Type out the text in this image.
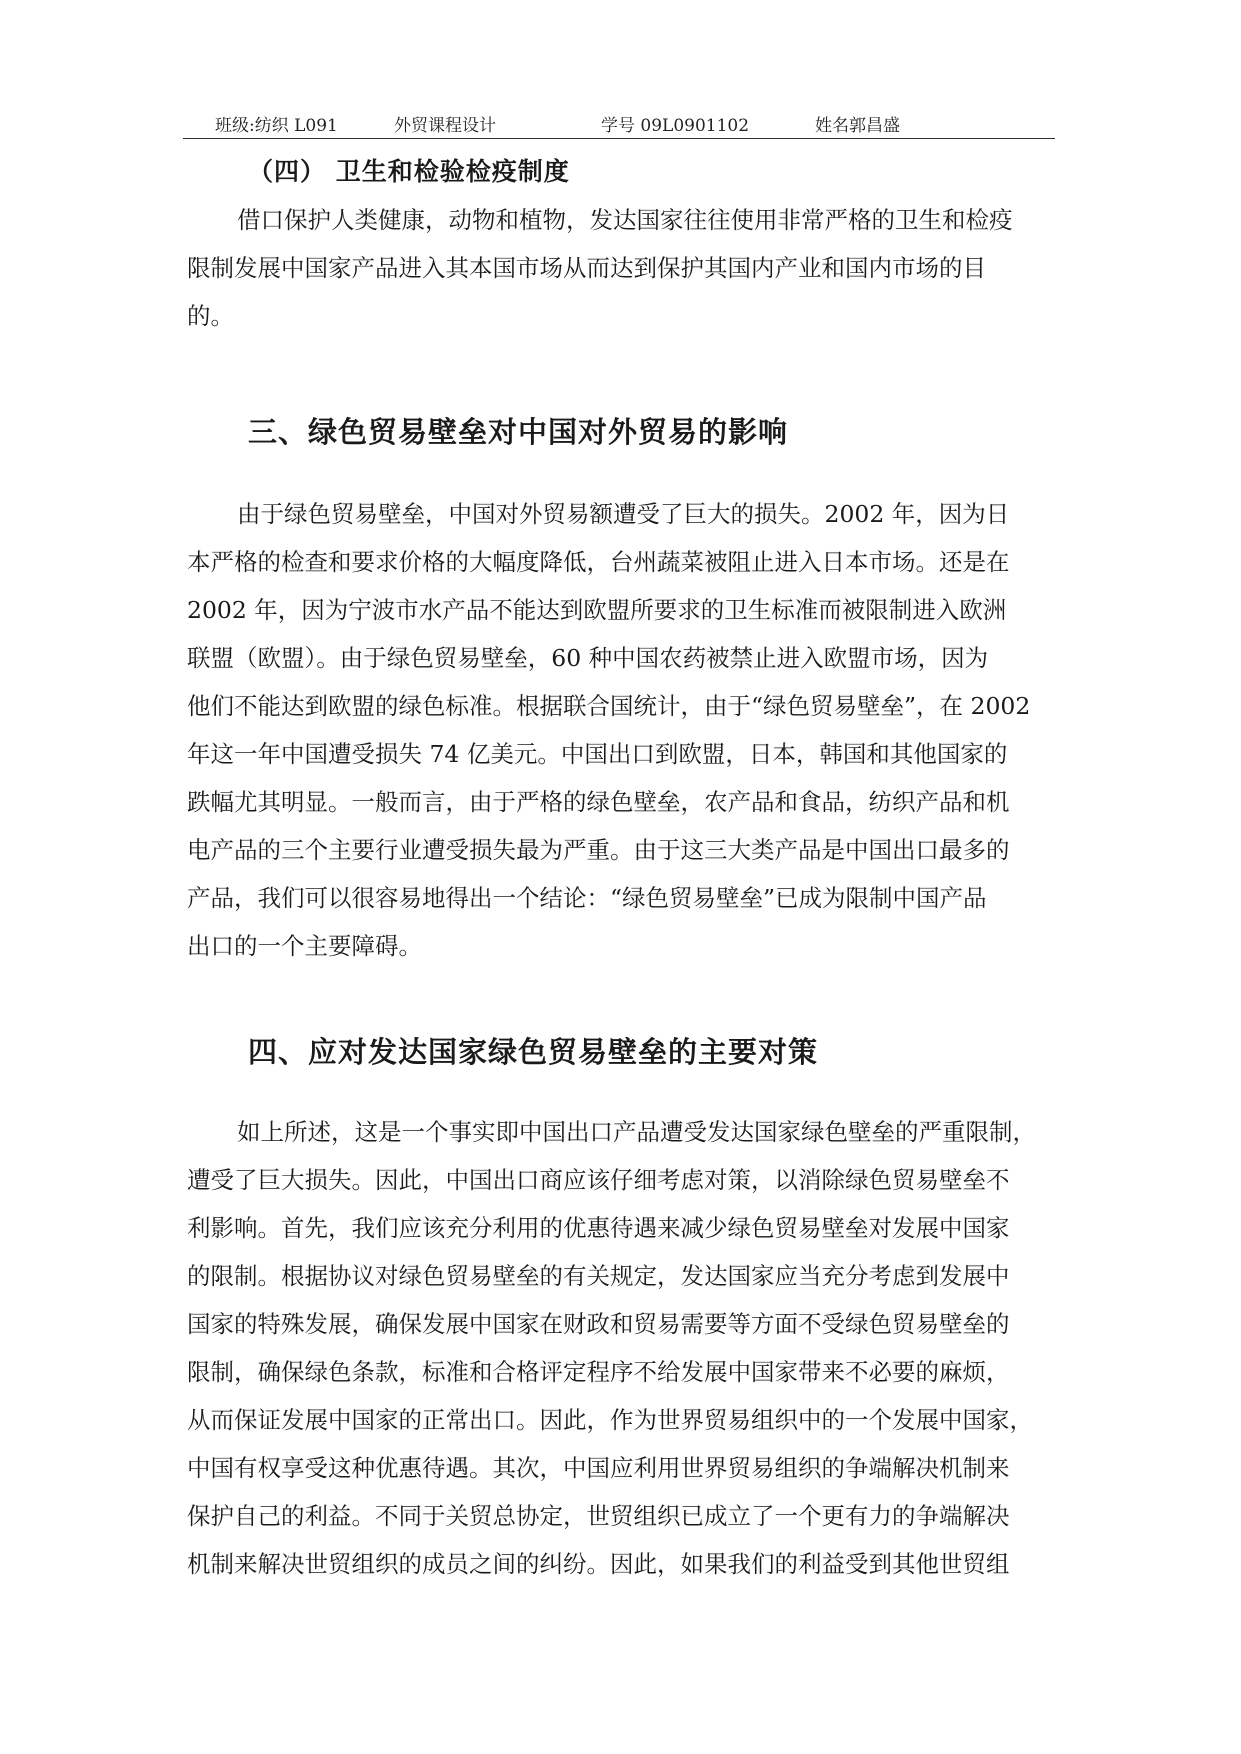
班级:纺织 L091	外贸课程设计	学号 09L0901102	姓名郭昌盛
（四） 卫生和检验检疫制度
借口保护人类健康，动物和植物，发达国家往往使用非常严格的卫生和检疫
限制发展中国家产品进入其本国市场从而达到保护其国内产业和国内市场的目
的。
三、绿色贸易壁垒对中国对外贸易的影响
由于绿色贸易壁垒，中国对外贸易额遭受了巨大的损失。2002 年，因为日
本严格的检查和要求价格的大幅度降低，台州蔬菜被阻止进入日本市场。还是在
2002 年，因为宁波市水产品不能达到欧盟所要求的卫生标准而被限制进入欧洲
联盟（欧盟）。由于绿色贸易壁垒，60 种中国农药被禁止进入欧盟市场，因为
他们不能达到欧盟的绿色标准。根据联合国统计，由于“绿色贸易壁垒”，在 2002
年这一年中国遭受损失 74 亿美元。中国出口到欧盟，日本，韩国和其他国家的
跌幅尤其明显。一般而言，由于严格的绿色壁垒，农产品和食品，纺织产品和机
电产品的三个主要行业遭受损失最为严重。由于这三大类产品是中国出口最多的
产品，我们可以很容易地得出一个结论：“绿色贸易壁垒”已成为限制中国产品
出口的一个主要障碍。
四、应对发达国家绿色贸易壁垒的主要对策
如上所述，这是一个事实即中国出口产品遭受发达国家绿色壁垒的严重限制，
遭受了巨大损失。因此，中国出口商应该仔细考虑对策，以消除绿色贸易壁垒不
利影响。首先，我们应该充分利用的优惠待遇来减少绿色贸易壁垒对发展中国家
的限制。根据协议对绿色贸易壁垒的有关规定，发达国家应当充分考虑到发展中
国家的特殊发展，确保发展中国家在财政和贸易需要等方面不受绿色贸易壁垒的
限制，确保绿色条款，标准和合格评定程序不给发展中国家带来不必要的麻烦，
从而保证发展中国家的正常出口。因此，作为世界贸易组织中的一个发展中国家，
中国有权享受这种优惠待遇。其次，中国应利用世界贸易组织的争端解决机制来
保护自己的利益。不同于关贸总协定，世贸组织已成立了一个更有力的争端解决
机制来解决世贸组织的成员之间的纠纷。因此，如果我们的利益受到其他世贸组
